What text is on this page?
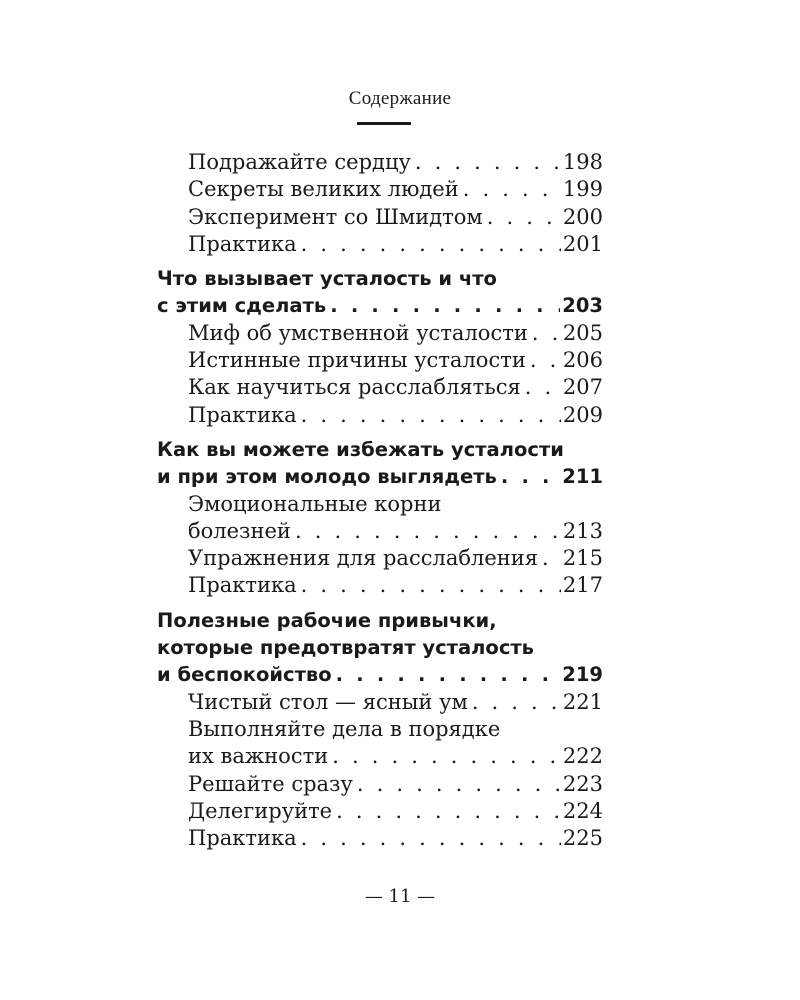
Содержание
Подражайте сердцу . . .	198
Секреты великих людей . . .	199
Эксперимент со Шмидтом . . .	200
Практика . . .	201
Что вызывает усталость и что
с этим сделать . . .	203
Миф об умственной усталости . . . 205
Истинные причины усталости . . . 206
Как научиться расслабляться . . . 207
Практика . . .	209
Как вы можете избежать усталости
и при этом молодо выглядеть . . .	211
Эмоциональные корни
болезней . . .	213
Упражнения для расслабления . . . 215
Практика . . .	217
Полезные рабочие привычки,
которые предотвратят усталость
и беспокойство . . .	219
Чистый стол — ясный ум . . .	221
Выполняйте дела в порядке
их важности . . .	222
Решайте сразу . . .	223
Делегируйте . . .	224
Практика . . .	225
— 11 —
